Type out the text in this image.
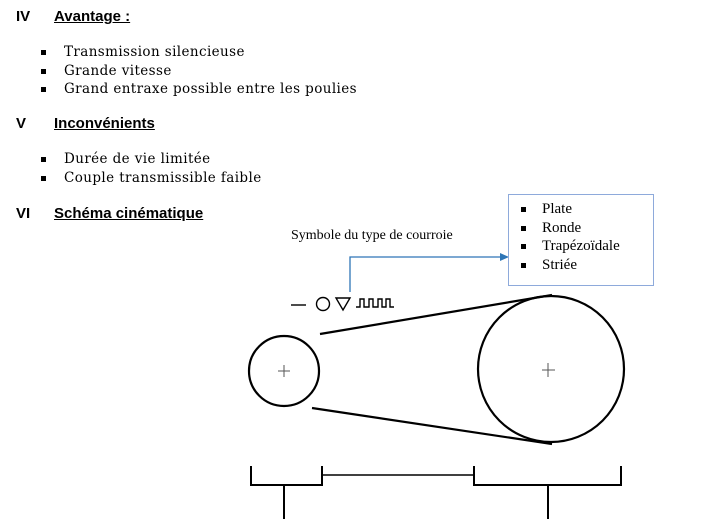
IV Avantage :
Transmission silencieuse
Grande vitesse
Grand entraxe possible entre les poulies
V Inconvénients
Durée de vie limitée
Couple transmissible faible
VI Schéma cinématique
Symbole du type de courroie
Plate
Ronde
Trapézoïdale
Striée
